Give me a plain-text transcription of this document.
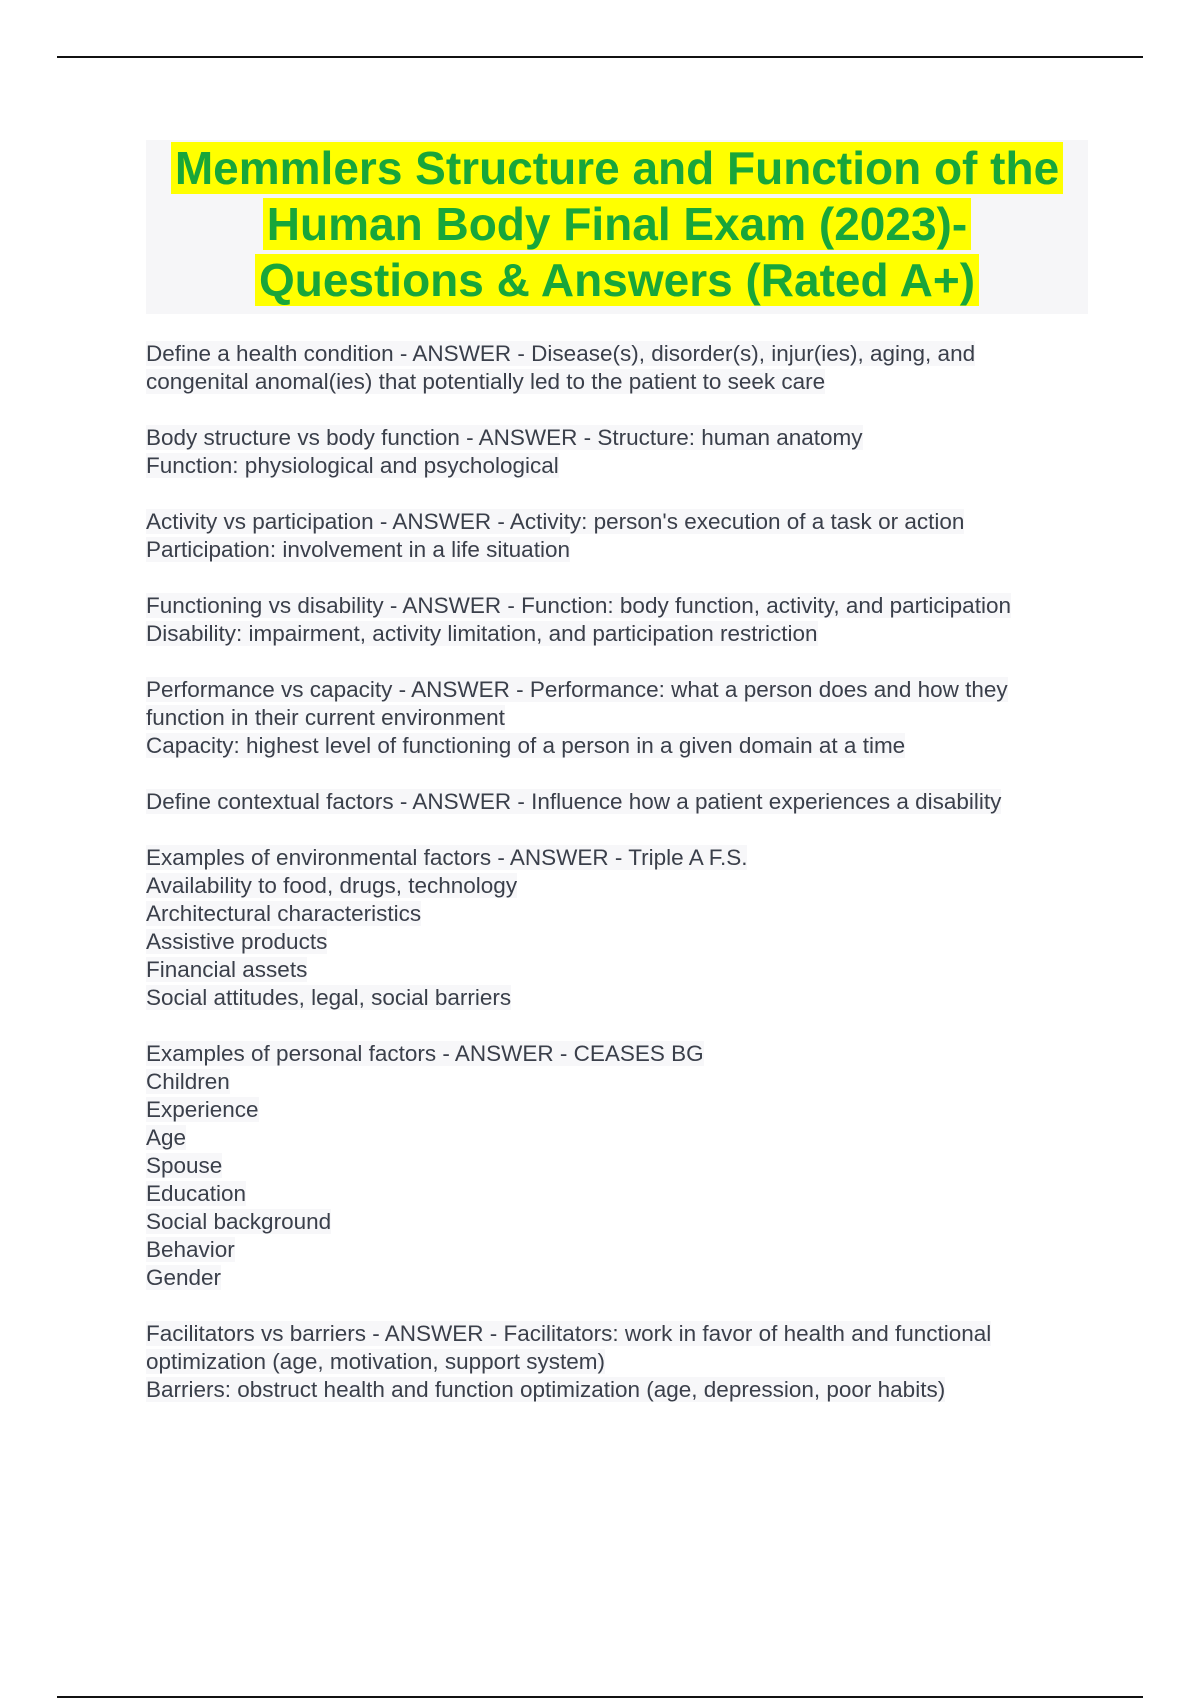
Memmlers Structure and Function of the
Human Body Final Exam (2023)-
Questions & Answers (Rated A+)
Define a health condition - ANSWER - Disease(s), disorder(s), injur(ies), aging, and
congenital anomal(ies) that potentially led to the patient to seek care
Body structure vs body function - ANSWER - Structure: human anatomy
Function: physiological and psychological
Activity vs participation - ANSWER - Activity: person's execution of a task or action
Participation: involvement in a life situation
Functioning vs disability - ANSWER - Function: body function, activity, and participation
Disability: impairment, activity limitation, and participation restriction
Performance vs capacity - ANSWER - Performance: what a person does and how they
function in their current environment
Capacity: highest level of functioning of a person in a given domain at a time
Define contextual factors - ANSWER - Influence how a patient experiences a disability
Examples of environmental factors - ANSWER - Triple A F.S.
Availability to food, drugs, technology
Architectural characteristics
Assistive products
Financial assets
Social attitudes, legal, social barriers
Examples of personal factors - ANSWER - CEASES BG
Children
Experience
Age
Spouse
Education
Social background
Behavior
Gender
Facilitators vs barriers - ANSWER - Facilitators: work in favor of health and functional
optimization (age, motivation, support system)
Barriers: obstruct health and function optimization (age, depression, poor habits)
